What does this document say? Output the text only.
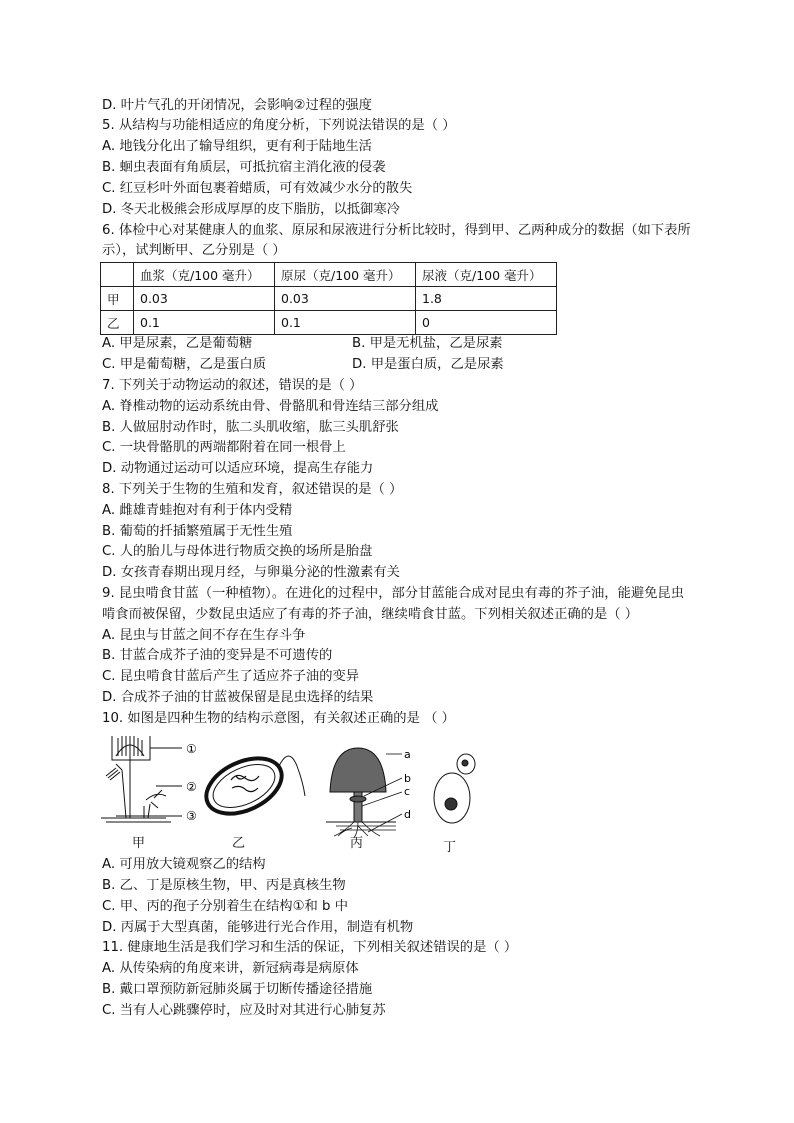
D. 叶片气孔的开闭情况，会影响②过程的强度
5. 从结构与功能相适应的角度分析，下列说法错误的是（ ）
A. 地钱分化出了输导组织，更有利于陆地生活
B. 蛔虫表面有角质层，可抵抗宿主消化液的侵袭
C. 红豆杉叶外面包裹着蜡质，可有效减少水分的散失
D. 冬天北极熊会形成厚厚的皮下脂肪，以抵御寒冷
6. 体检中心对某健康人的血浆、原尿和尿液进行分析比较时，得到甲、乙两种成分的数据（如下表所
示），试判断甲、乙分别是（ ）
	血浆（克/100 毫升）	原尿（克/100 毫升）	尿液（克/100 毫升）
甲	0.03	0.03	1.8
乙	0.1	0.1	0
A. 甲是尿素，乙是葡萄糖	B. 甲是无机盐，乙是尿素
C. 甲是葡萄糖，乙是蛋白质	D. 甲是蛋白质，乙是尿素
7. 下列关于动物运动的叙述，错误的是（ ）
A. 脊椎动物的运动系统由骨、骨骼肌和骨连结三部分组成
B. 人做屈肘动作时，肱二头肌收缩，肱三头肌舒张
C. 一块骨骼肌的两端都附着在同一根骨上
D. 动物通过运动可以适应环境，提高生存能力
8. 下列关于生物的生殖和发育，叙述错误的是（ ）
A. 雌雄青蛙抱对有利于体内受精
B. 葡萄的扦插繁殖属于无性生殖
C. 人的胎儿与母体进行物质交换的场所是胎盘
D. 女孩青春期出现月经，与卵巢分泌的性激素有关
9. 昆虫啃食甘蓝（一种植物）。在进化的过程中，部分甘蓝能合成对昆虫有毒的芥子油，能避免昆虫
啃食而被保留，少数昆虫适应了有毒的芥子油，继续啃食甘蓝。下列相关叙述正确的是（ ）
A. 昆虫与甘蓝之间不存在生存斗争
B. 甘蓝合成芥子油的变异是不可遗传的
C. 昆虫啃食甘蓝后产生了适应芥子油的变异
D. 合成芥子油的甘蓝被保留是昆虫选择的结果
10. 如图是四种生物的结构示意图，有关叙述正确的是 （ ）
①
②
③
a
b
c
d
甲	乙	丙	丁
A. 可用放大镜观察乙的结构
B. 乙、丁是原核生物，甲、丙是真核生物
C. 甲、丙的孢子分别着生在结构①和 b 中
D. 丙属于大型真菌，能够进行光合作用，制造有机物
11. 健康地生活是我们学习和生活的保证，下列相关叙述错误的是（ ）
A. 从传染病的角度来讲，新冠病毒是病原体
B. 戴口罩预防新冠肺炎属于切断传播途径措施
C. 当有人心跳骤停时，应及时对其进行心肺复苏
